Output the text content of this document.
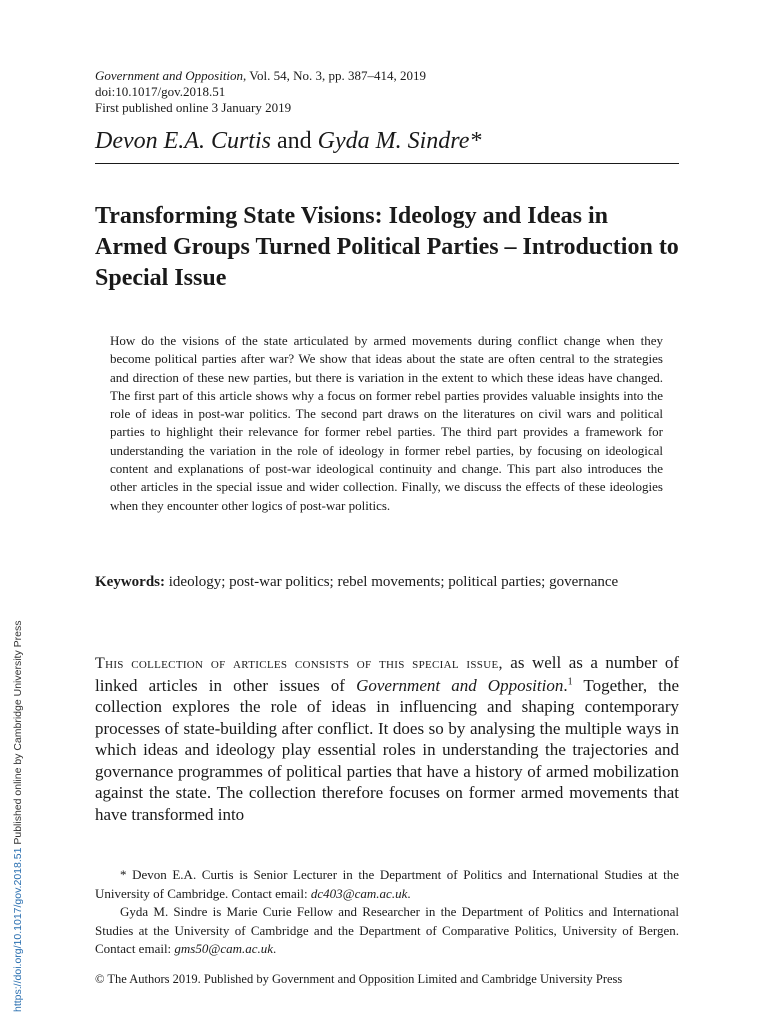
Government and Opposition, Vol. 54, No. 3, pp. 387–414, 2019
doi:10.1017/gov.2018.51
First published online 3 January 2019
Devon E.A. Curtis and Gyda M. Sindre*
Transforming State Visions: Ideology and Ideas in Armed Groups Turned Political Parties – Introduction to Special Issue

How do the visions of the state articulated by armed movements during conflict change when they become political parties after war? We show that ideas about the state are often central to the strategies and direction of these new parties, but there is variation in the extent to which these ideas have changed. The first part of this article shows why a focus on former rebel parties provides valuable insights into the role of ideas in post-war politics. The second part draws on the literatures on civil wars and political parties to highlight their relevance for former rebel parties. The third part provides a framework for understanding the variation in the role of ideology in former rebel parties, by focusing on ideological content and explanations of post-war ideological continuity and change. This part also introduces the other articles in the special issue and wider collection. Finally, we discuss the effects of these ideologies when they encounter other logics of post-war politics.

Keywords: ideology; post-war politics; rebel movements; political parties; governance

This collection of articles consists of this special issue, as well as a number of linked articles in other issues of Government and Opposition.$^1$ Together, the collection explores the role of ideas in influencing and shaping contemporary processes of state-building after conflict. It does so by analysing the multiple ways in which ideas and ideology play essential roles in understanding the trajectories and governance programmes of political parties that have a history of armed mobilization against the state. The collection therefore focuses on former armed movements that have transformed into

* Devon E.A. Curtis is Senior Lecturer in the Department of Politics and International Studies at the University of Cambridge. Contact email: dc403@cam.ac.uk.

Gyda M. Sindre is Marie Curie Fellow and Researcher in the Department of Politics and International Studies at the University of Cambridge and the Department of Comparative Politics, University of Bergen. Contact email: gms50@cam.ac.uk.

© The Authors 2019. Published by Government and Opposition Limited and Cambridge University Press
https://doi.org/10.1017/gov.2018.51 Published online by Cambridge University Press
